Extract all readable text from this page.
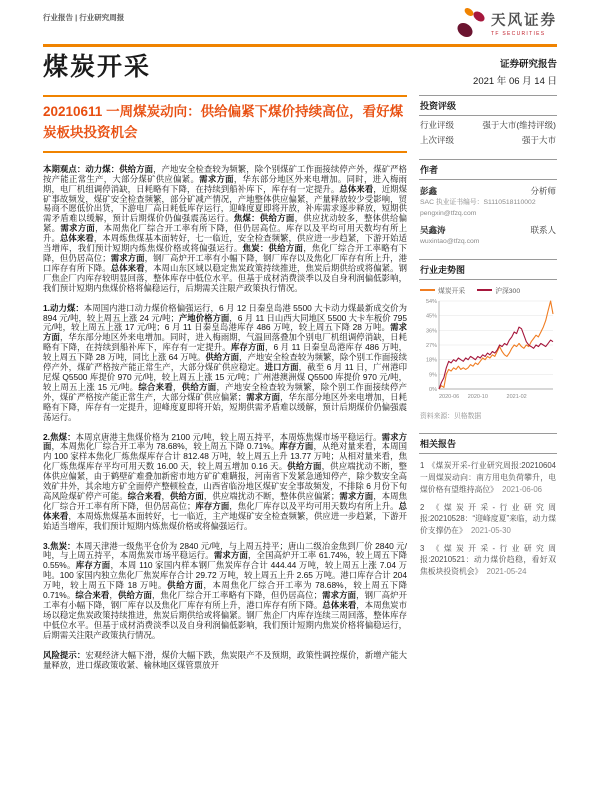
行业报告 | 行业研究周报	天风证券
TF SECURITIES
煤炭开采	证券研究报告
2021 年 06 月 14 日
20210611 一周煤炭动向：供给偏紧下煤价持续高位，看好煤炭板块投资机会
本期观点：动力煤：供给方面，产地安全检查较为频繁，除个别煤矿工作面接续停产外，煤矿严格按产能正常生产，大部分煤矿供应偏紧。需求方面，华东部分地区外来电增加。同时，进入梅雨期，电厂机组调停消缺，日耗略有下降，在持续到船补库下，库存有一定提升。总体来看，近期煤矿事故频发，煤矿安全检查频繁，部分矿减产情况，产地整体供应偏紧，产量释放较少受影响，贸易商不愿低价出货，下游电厂高日耗低库存运行，迎峰度夏即将开放，补库需求逐步释放，短期供需矛盾难以缓解，预计后期煤价仍偏强震荡运行。焦煤：供给方面，供应扰动较多，整体供给偏紧。需求方面，本周焦化厂综合开工率有所下降，但仍居高位。库存以及平均可用天数均有所上升。总体来看，本周炼焦煤基本面转好，七一临近，安全检查频繁，供应进一步趋紧，下游开始适当增库，我们预计短期内炼焦煤价格或将偏强运行。焦炭：供给方面，焦化厂综合开工率略有下降，但仍居高位；需求方面，钢厂高炉开工率有小幅下降，钢厂库存以及焦化厂库存有所上升，港口库存有所下降。总体来看，本周山东区域以稳定焦炭政策持续推进，焦炭后期供给或将偏紧。钢厂焦企厂内库存较明显回落，整体库存中低位水平。但基于成材消费淡季以及自身利润偏低影响，我们预计短期内焦煤价格将偏稳运行，后期需关注限产政策执行情况。
1.动力煤：本周国内港口动力煤价格偏强运行，6 月 12 日秦皇岛港 5500 大卡动力煤最新成交价为 894 元/吨，较上周五上涨 24 元/吨；产地价格方面，6 月 11 日山西大同地区 5500 大卡车板价 795 元/吨，较上周五上涨 17 元/吨；6 月 11 日秦皇岛港库存 486 万吨，较上周五下降 28 万吨。需求方面，华东部分地区外来电增加。同时，进入梅雨期，气温回落叠加个别电厂机组调停消缺，日耗略有下降，在持续到船补库下，库存有一定提升。库存方面，6 月 11 日秦皇岛港库存 486 万吨，较上周五下降 28 万吨，同比上涨 64 万吨。供给方面，产地安全检查较为频繁，除个别工作面接续停产外，煤矿严格按产能正常生产，大部分煤矿供应稳定。进口方面，截至 6 月 11 日，广州港印尼煤 Q5500 库提价 970 元/吨，较上周五上涨 15 元/吨；广州港澳洲煤 Q5500 库提价 970 元/吨，较上周五上涨 15 元/吨。综合来看，供给方面，产地安全检查较为频繁，除个别工作面接续停产外，煤矿严格按产能正常生产，大部分煤矿供应偏紧；需求方面，华东部分地区外来电增加，日耗略有下降，库存有一定提升，迎峰度夏即将开始，短期供需矛盾难以缓解，预计后期煤价仍偏强震荡运行。
2.焦煤：本周京唐港主焦煤价格为 2100 元/吨，较上周五持平，本周炼焦煤市场平稳运行。需求方面，本周焦化厂综合开工率为 78.68%，较上周五下降 0.71%。库存方面，从绝对量来看，本周国内 100 家样本焦化厂炼焦煤库存合计 812.48 万吨，较上周五上升 13.77 万吨；从相对量来看，焦化厂炼焦煤库存平均可用天数 16.00 天，较上周五增加 0.16 天。供给方面，供应端扰动不断，整体供应偏紧，由于鹤壁矿难叠加新密市地方矿矿难瞒报，河南省下发紧急通知停产，除少数安全高效矿井外，其余地方矿全面停产整顿检查，山西省临汾地区煤矿安全事故频发，不排除 6 月份下旬高风险煤矿停产可能。综合来看，供给方面，供应端扰动不断，整体供应偏紧；需求方面，本周焦化厂综合开工率有所下降，但仍居高位；库存方面，焦化厂库存以及平均可用天数均有所上升。总体来看，本周炼焦煤基本面转好，七一临近，主产地煤矿安全检查频繁，供应进一步趋紧，下游开始适当增库，我们预计短期内炼焦煤价格或将偏强运行。
3.焦炭：本周天津港一级焦平仓价为 2840 元/吨，与上周五持平；唐山二级冶金焦到厂价 2840 元/吨，与上周五持平，本周焦炭市场平稳运行。需求方面，全国高炉开工率 61.74%，较上周五下降 0.55%。库存方面，本周 110 家国内样本钢厂焦炭库存合计 444.44 万吨，较上周五上涨 7.04 万吨。100 家国内独立焦化厂焦炭库存合计 29.72 万吨，较上周五上升 2.65 万吨。港口库存合计 204 万吨，较上周五下降 18 万吨。供给方面，本周焦化厂综合开工率为 78.68%，较上周五下降 0.71%。综合来看，供给方面，焦化厂综合开工率略有下降，但仍居高位；需求方面，钢厂高炉开工率有小幅下降，钢厂库存以及焦化厂库存有所上升，港口库存有所下降。总体来看，本周焦炭市场以稳定焦炭政策持续推进，焦炭后期供给或将偏紧。钢厂焦企厂内库存连续三周回落，整体库存中低位水平。但基于成材消费淡季以及自身利润偏低影响，我们预计短期内焦炭价格将偏稳运行，后期需关注限产政策执行情况。
风险提示：宏观经济大幅下滑，煤价大幅下跌，焦炭限产不及预期，政策性调控煤价，新增产能大量释放，进口煤政策收紧、榆林地区煤管票放开
投资评级
行业评级	强于大市(维持评级)
上次评级	强于大市
作者
彭鑫	分析师
SAC 执业证书编号：S1110518110002
pengxin@tfzq.com
吴鑫涛	联系人
wuxintao@tfzq.com
行业走势图
煤炭开采	沪深300
0%
9%
18%
27%
36%
45%
54%
2020-06 2020-10	2021-02
资料来源：贝格数据
相关报告
1 《煤炭开采-行业研究周报:20210604 一周煤炭动向：南方用电负荷攀升，电煤价格有望维持高位》 2021-06-06
2 《煤炭开采-行业研究周报:20210528：“迎峰度夏”来临，动力煤价支撑仍在》 2021-05-30
3 《煤炭开采-行业研究周报:20210521：动力煤价趋稳，看好双焦板块投资机会》 2021-05-24
